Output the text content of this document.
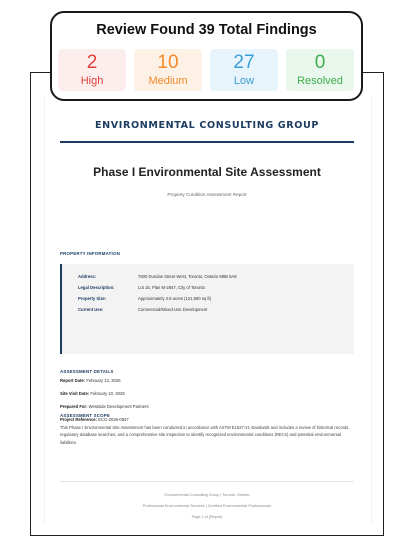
Review Found 39 Total Findings
2
High
10
Medium
27
Low
0
Resolved
ENVIRONMENTAL CONSULTING GROUP
Phase I Environmental Site Assessment
Property Condition Assessment Report
PROPERTY INFORMATION
Address:	7500 Dundas Street West, Toronto, Ontario M9B 6A8
Legal Description:	Lot 15, Plan M-2847, City of Toronto
Property Size:	Approximately 2.8 acres (121,580 sq ft)
Current Use:	Commercial/Mixed-Use Development
ASSESSMENT DETAILS
Report Date: February 13, 2026
Site Visit Date: February 10, 2026
Prepared For: Westside Development Partners
Project Reference: ECG-2026-0847
ASSESSMENT SCOPE
This Phase I Environmental Site Assessment has been conducted in accordance with ASTM E1527-21 standards and includes a review of historical records, regulatory database searches, and a comprehensive site inspection to identify recognized environmental conditions (RECs) and potential environmental liabilities.
Environmental Consulting Group | Toronto, Ontario
Professional Environmental Services | Certified Environmental Professionals
Page 1 of [Report]
